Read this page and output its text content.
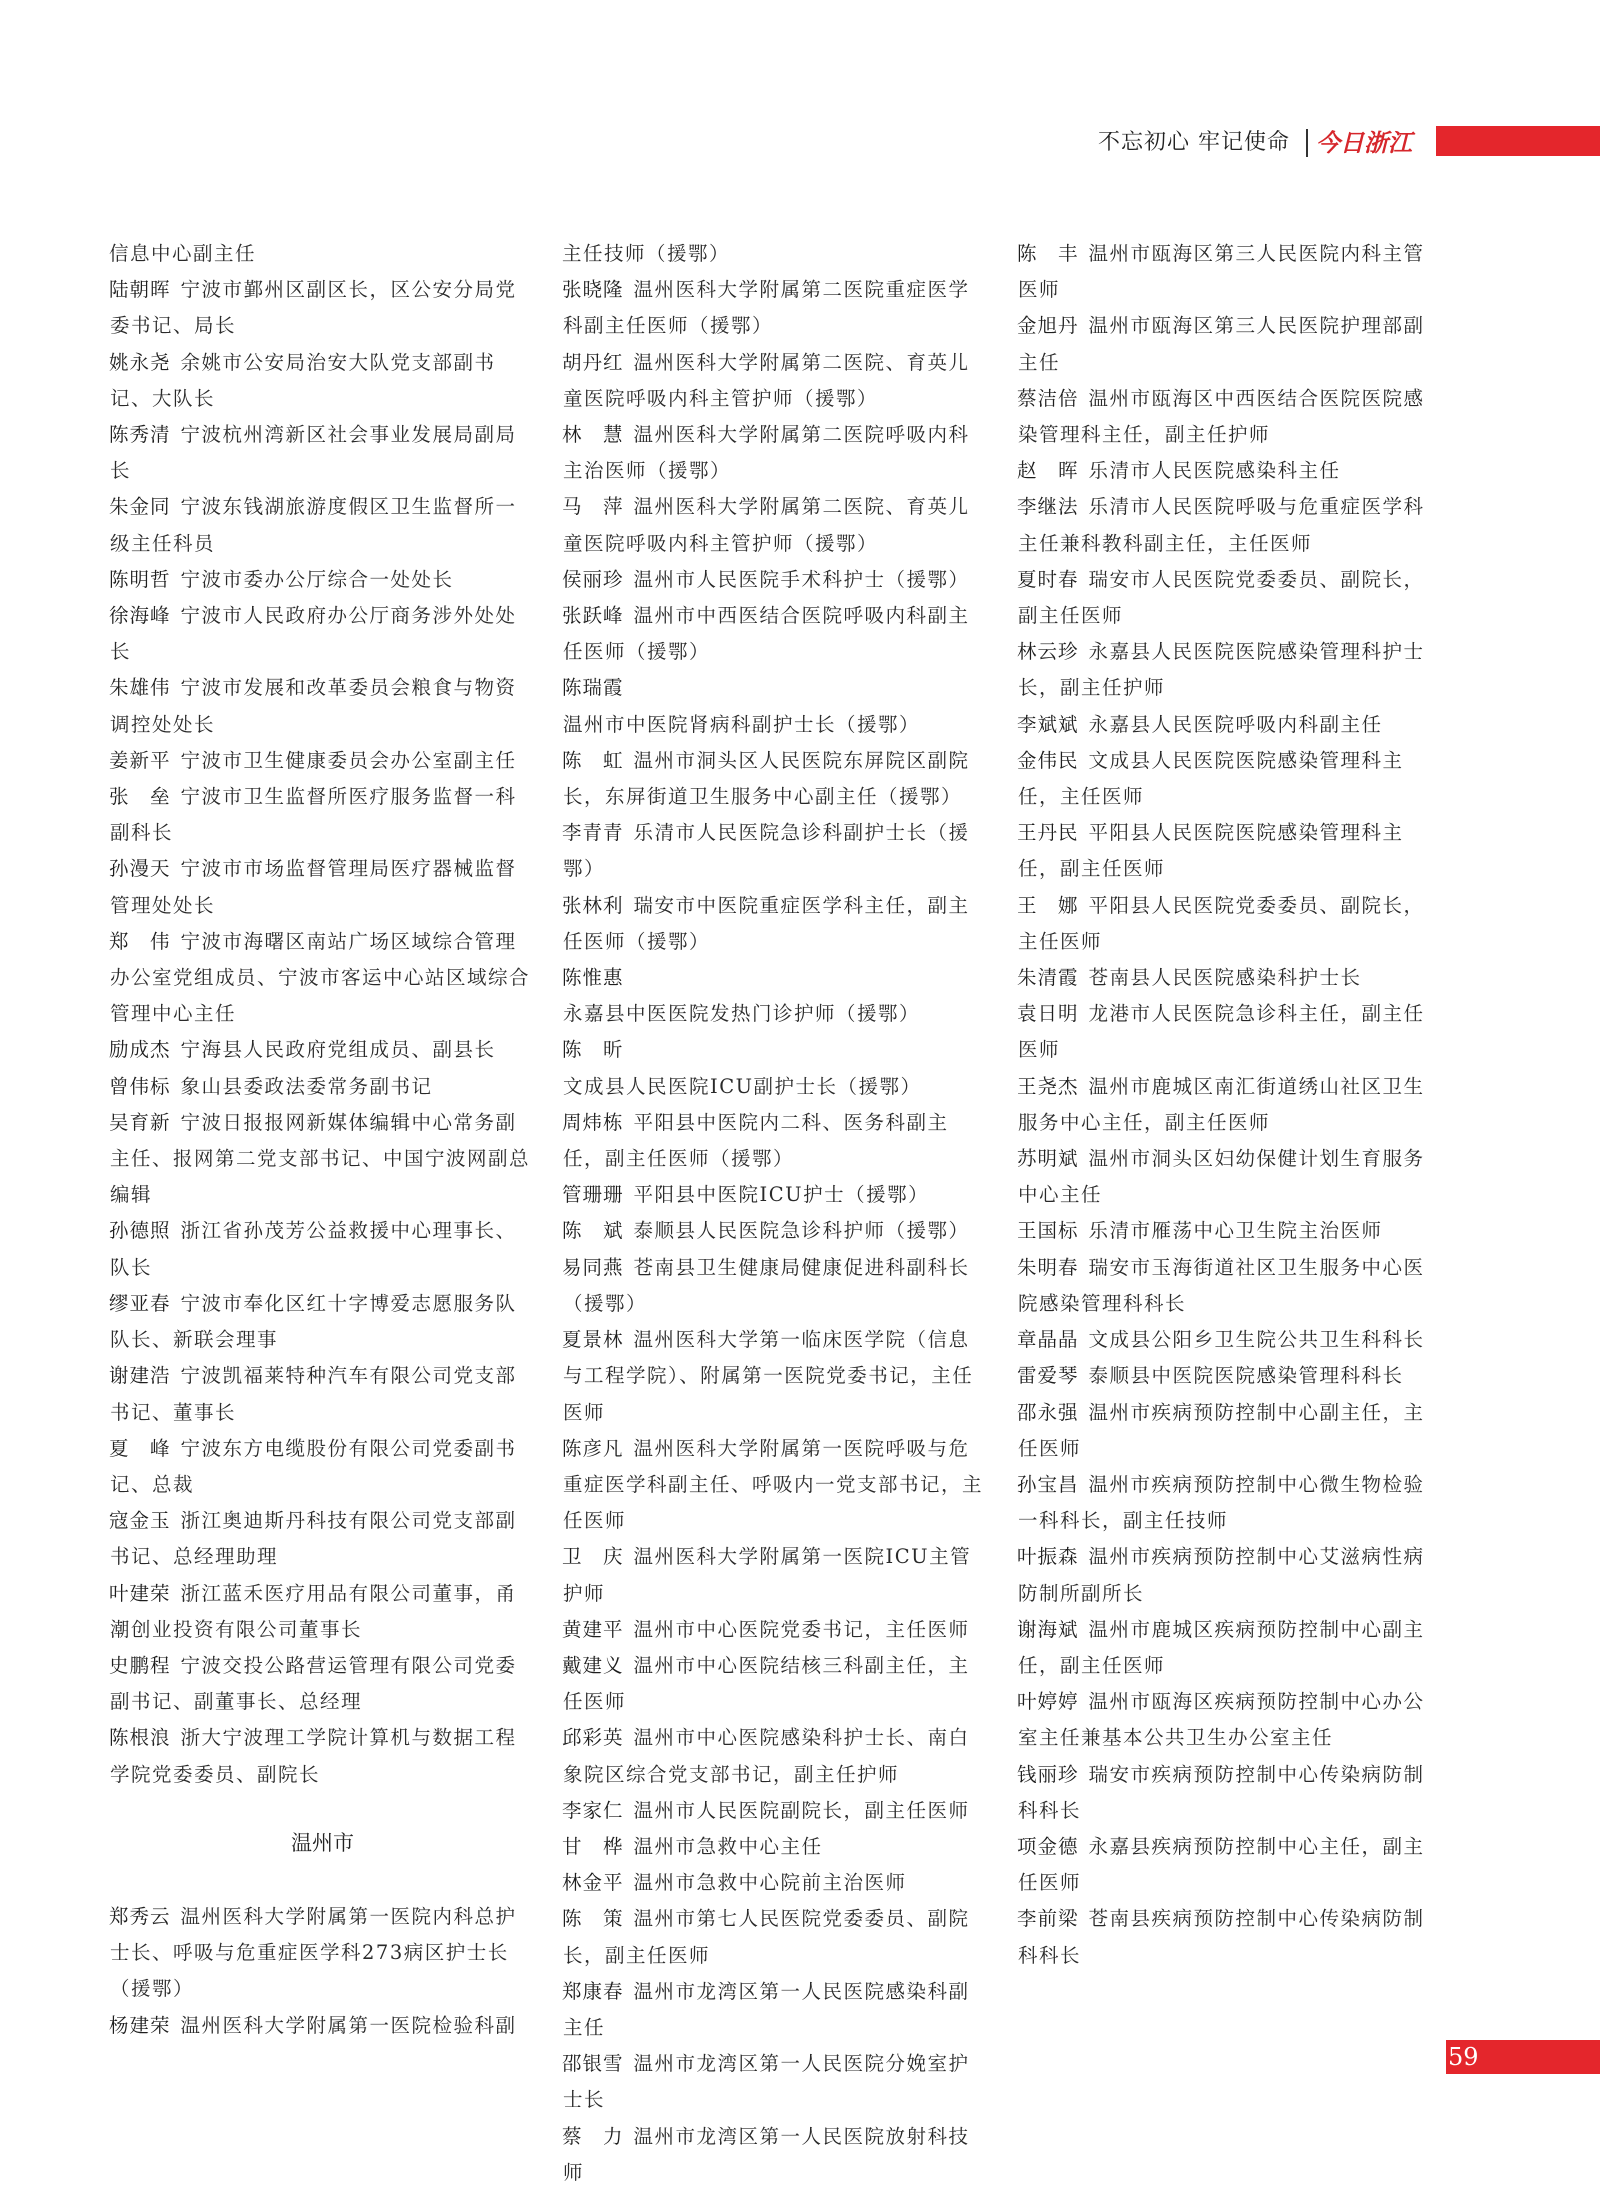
不忘初心 牢记使命 今日浙江
信息中心副主任
陆朝晖 宁波市鄞州区副区长，区公安分局党委书记、局长
姚永尧 余姚市公安局治安大队党支部副书记、大队长
陈秀清 宁波杭州湾新区社会事业发展局副局长
朱金同 宁波东钱湖旅游度假区卫生监督所一级主任科员
陈明哲 宁波市委办公厅综合一处处长
徐海峰 宁波市人民政府办公厅商务涉外处处长
朱雄伟 宁波市发展和改革委员会粮食与物资调控处处长
姜新平 宁波市卫生健康委员会办公室副主任
张　垒 宁波市卫生监督所医疗服务监督一科副科长
孙漫天 宁波市市场监督管理局医疗器械监督管理处处长
郑　伟 宁波市海曙区南站广场区域综合管理办公室党组成员、宁波市客运中心站区域综合管理中心主任
励成杰 宁海县人民政府党组成员、副县长
曾伟标 象山县委政法委常务副书记
吴育新 宁波日报报网新媒体编辑中心常务副主任、报网第二党支部书记、中国宁波网副总编辑
孙德照 浙江省孙茂芳公益救援中心理事长、队长
缪亚春 宁波市奉化区红十字博爱志愿服务队队长、新联会理事
谢建浩 宁波凯福莱特种汽车有限公司党支部书记、董事长
夏　峰 宁波东方电缆股份有限公司党委副书记、总裁
寇金玉 浙江奥迪斯丹科技有限公司党支部副书记、总经理助理
叶建荣 浙江蓝禾医疗用品有限公司董事，甬潮创业投资有限公司董事长
史鹏程 宁波交投公路营运管理有限公司党委副书记、副董事长、总经理
陈根浪 浙大宁波理工学院计算机与数据工程学院党委委员、副院长
温州市
郑秀云 温州医科大学附属第一医院内科总护士长、呼吸与危重症医学科273病区护士长（援鄂）
杨建荣 温州医科大学附属第一医院检验科副
主任技师（援鄂）
张晓隆 温州医科大学附属第二医院重症医学科副主任医师（援鄂）
胡丹红 温州医科大学附属第二医院、育英儿童医院呼吸内科主管护师（援鄂）
林　慧 温州医科大学附属第二医院呼吸内科主治医师（援鄂）
马　萍 温州医科大学附属第二医院、育英儿童医院呼吸内科主管护师（援鄂）
侯丽珍 温州市人民医院手术科护士（援鄂）
张跃峰 温州市中西医结合医院呼吸内科副主任医师（援鄂）
陈瑞霞温州市中医院肾病科副护士长（援鄂）
陈　虹 温州市洞头区人民医院东屏院区副院长，东屏街道卫生服务中心副主任（援鄂）
李青青 乐清市人民医院急诊科副护士长（援鄂）
张林利 瑞安市中医院重症医学科主任，副主任医师（援鄂）
陈惟惠永嘉县中医医院发热门诊护师（援鄂）
陈　昕文成县人民医院ICU副护士长（援鄂）
周炜栋 平阳县中医院内二科、医务科副主任，副主任医师（援鄂）
管珊珊 平阳县中医院ICU护士（援鄂）
陈　斌 泰顺县人民医院急诊科护师（援鄂）
易同燕 苍南县卫生健康局健康促进科副科长（援鄂）
夏景林 温州医科大学第一临床医学院（信息与工程学院）、附属第一医院党委书记，主任医师
陈彦凡 温州医科大学附属第一医院呼吸与危重症医学科副主任、呼吸内一党支部书记，主任医师
卫　庆 温州医科大学附属第一医院ICU主管护师
黄建平 温州市中心医院党委书记，主任医师
戴建义 温州市中心医院结核三科副主任，主任医师
邱彩英 温州市中心医院感染科护士长、南白象院区综合党支部书记，副主任护师
李家仁 温州市人民医院副院长，副主任医师
甘　桦 温州市急救中心主任
林金平 温州市急救中心院前主治医师
陈　策 温州市第七人民医院党委委员、副院长，副主任医师
郑康春 温州市龙湾区第一人民医院感染科副主任
邵银雪 温州市龙湾区第一人民医院分娩室护士长
蔡　力 温州市龙湾区第一人民医院放射科技师
陈　丰 温州市瓯海区第三人民医院内科主管医师
金旭丹 温州市瓯海区第三人民医院护理部副主任
蔡洁倍 温州市瓯海区中西医结合医院医院感染管理科主任，副主任护师
赵　晖 乐清市人民医院感染科主任
李继法 乐清市人民医院呼吸与危重症医学科主任兼科教科副主任，主任医师
夏时春 瑞安市人民医院党委委员、副院长，副主任医师
林云珍 永嘉县人民医院医院感染管理科护士长，副主任护师
李斌斌 永嘉县人民医院呼吸内科副主任
金伟民 文成县人民医院医院感染管理科主任，主任医师
王丹民 平阳县人民医院医院感染管理科主任，副主任医师
王　娜 平阳县人民医院党委委员、副院长，主任医师
朱清霞 苍南县人民医院感染科护士长
袁日明 龙港市人民医院急诊科主任，副主任医师
王尧杰 温州市鹿城区南汇街道绣山社区卫生服务中心主任，副主任医师
苏明斌 温州市洞头区妇幼保健计划生育服务中心主任
王国标 乐清市雁荡中心卫生院主治医师
朱明春 瑞安市玉海街道社区卫生服务中心医院感染管理科科长
章晶晶 文成县公阳乡卫生院公共卫生科科长
雷爱琴 泰顺县中医院医院感染管理科科长
邵永强 温州市疾病预防控制中心副主任，主任医师
孙宝昌 温州市疾病预防控制中心微生物检验一科科长，副主任技师
叶振森 温州市疾病预防控制中心艾滋病性病防制所副所长
谢海斌 温州市鹿城区疾病预防控制中心副主任，副主任医师
叶婷婷 温州市瓯海区疾病预防控制中心办公室主任兼基本公共卫生办公室主任
钱丽珍 瑞安市疾病预防控制中心传染病防制科科长
项金德 永嘉县疾病预防控制中心主任，副主任医师
李前梁 苍南县疾病预防控制中心传染病防制科科长
59
